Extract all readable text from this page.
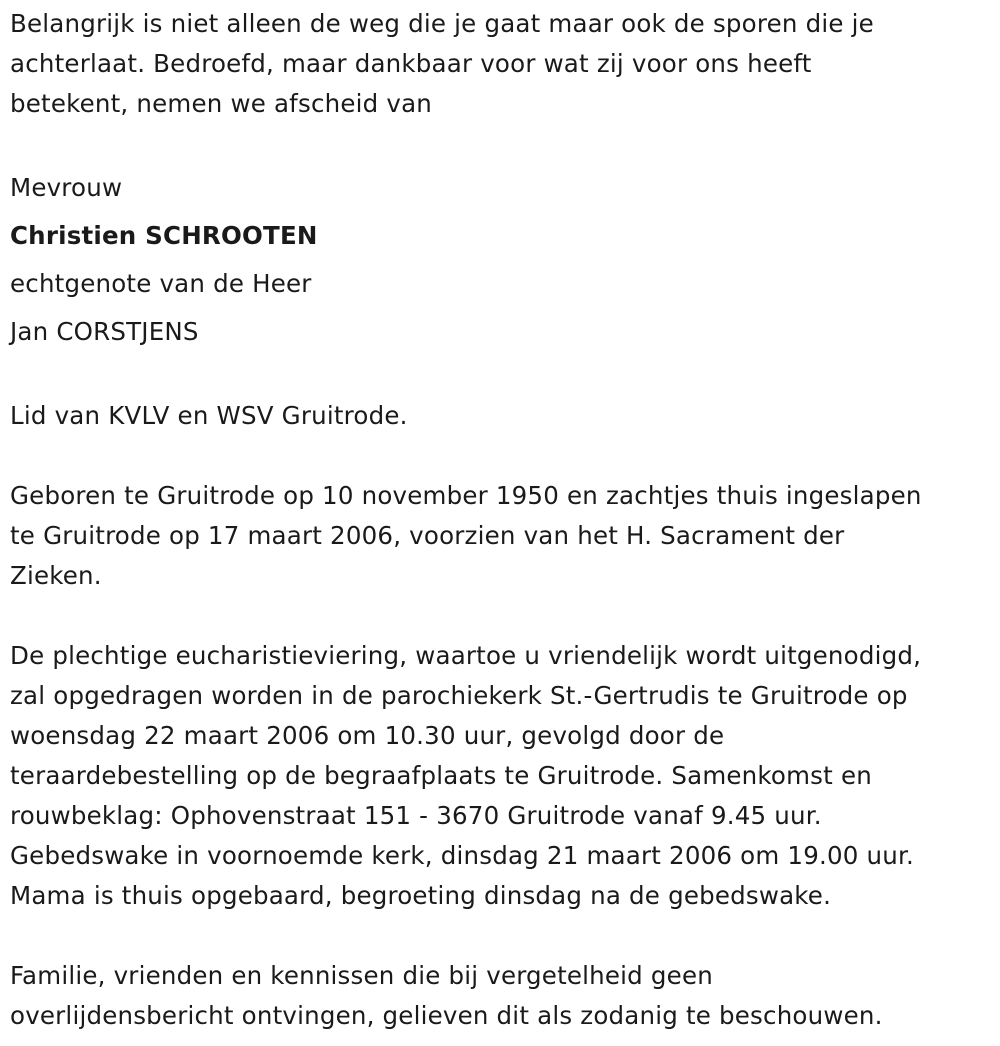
Belangrijk is niet alleen de weg die je gaat maar ook de sporen die je
achterlaat. Bedroefd, maar dankbaar voor wat zij voor ons heeft
betekent, nemen we afscheid van

Mevrouw
Christien SCHROOTEN
echtgenote van de Heer
Jan CORSTJENS

Lid van KVLV en WSV Gruitrode.

Geboren te Gruitrode op 10 november 1950 en zachtjes thuis ingeslapen
te Gruitrode op 17 maart 2006, voorzien van het H. Sacrament der
Zieken.

De plechtige eucharistieviering, waartoe u vriendelijk wordt uitgenodigd,
zal opgedragen worden in de parochiekerk St.-Gertrudis te Gruitrode op
woensdag 22 maart 2006 om 10.30 uur, gevolgd door de
teraardebestelling op de begraafplaats te Gruitrode. Samenkomst en
rouwbeklag: Ophovenstraat 151 - 3670 Gruitrode vanaf 9.45 uur.
Gebedswake in voornoemde kerk, dinsdag 21 maart 2006 om 19.00 uur.
Mama is thuis opgebaard, begroeting dinsdag na de gebedswake.

Familie, vrienden en kennissen die bij vergetelheid geen
overlijdensbericht ontvingen, gelieven dit als zodanig te beschouwen.
